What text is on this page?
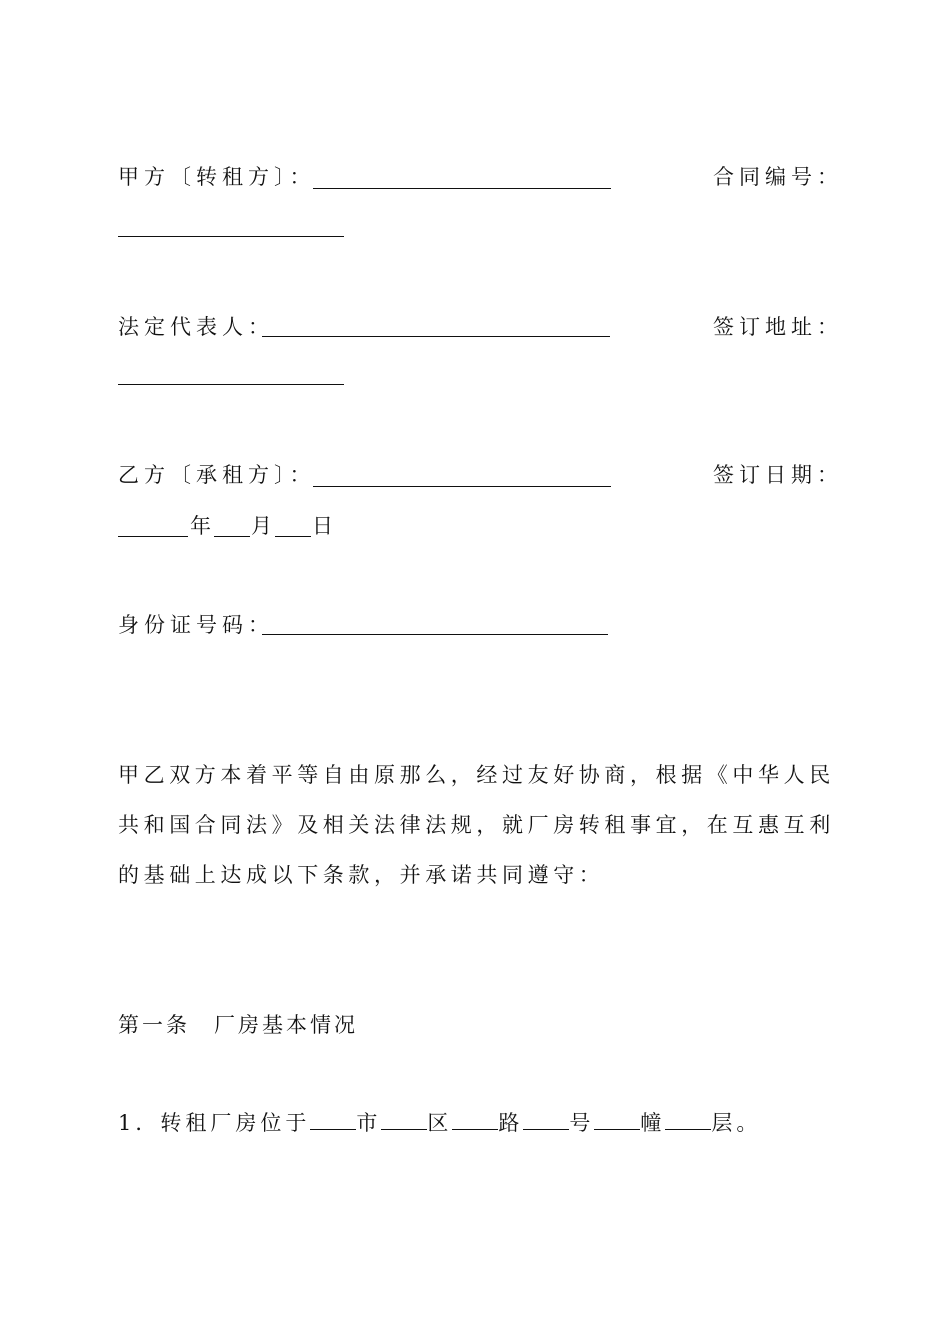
甲方〔转租方〕：	合同编号：
法定代表人：	签订地址：
乙方〔承租方〕：	签订日期：
年 月 日
身份证号码：
甲乙双方本着平等自由原那么，经过友好协商，根据《中华人民共和国合同法》及相关法律法规，就厂房转租事宜，在互惠互利的基础上达成以下条款，并承诺共同遵守：
第一条　厂房基本情况
1．转租厂房位于 市 区 路 号 幢 层。
